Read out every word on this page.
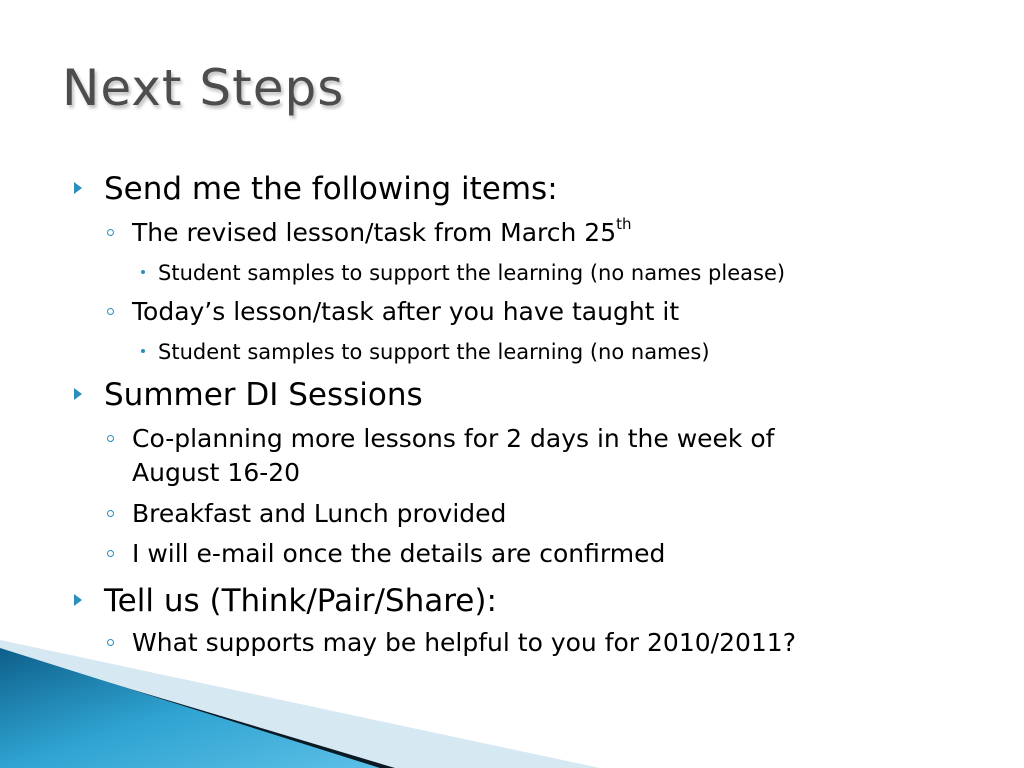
Next Steps
Send me the following items:
The revised lesson/task from March 25th
Student samples to support the learning (no names please)
Today’s lesson/task after you have taught it
Student samples to support the learning (no names)
Summer DI Sessions
Co-planning more lessons for 2 days in the week of
August 16-20
Breakfast and Lunch provided
I will e-mail once the details are confirmed
Tell us (Think/Pair/Share):
What supports may be helpful to you for 2010/2011?
